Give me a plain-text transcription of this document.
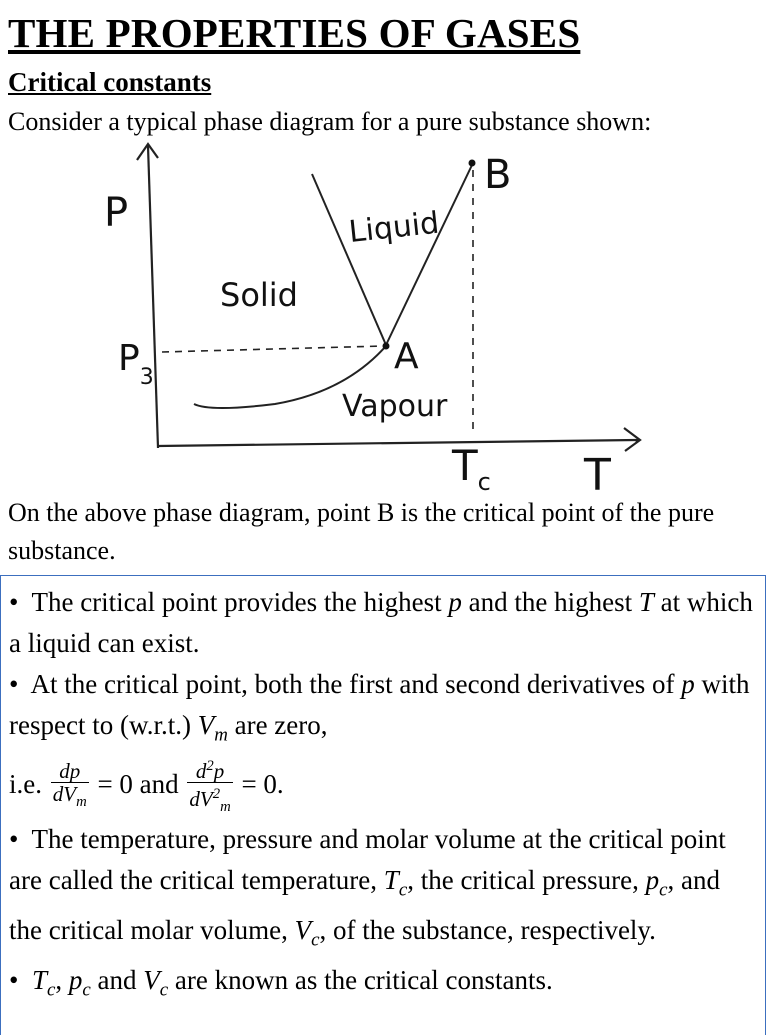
THE PROPERTIES OF GASES
Critical constants

Consider a typical phase diagram for a pure substance shown:

P
T
Solid
Liquid
Vapour
A
B
$P_3$
$T_c$

On the above phase diagram, point B is the critical point of the pure substance.

•  The critical point provides the highest p and the highest T at which a liquid can exist.

•  At the critical point, both the first and second derivatives of p with respect to (w.r.t.) $V_m$ are zero,

i.e. $\frac{dp}{dV_m} = 0$ and $\frac{d^2p}{dV^2_m} = 0$.

•  The temperature, pressure and molar volume at the critical point are called the critical temperature, $T_c$, the critical pressure, $p_c$, and the critical molar volume, $V_c$, of the substance, respectively.

•  $T_c$, $p_c$ and $V_c$ are known as the critical constants.
